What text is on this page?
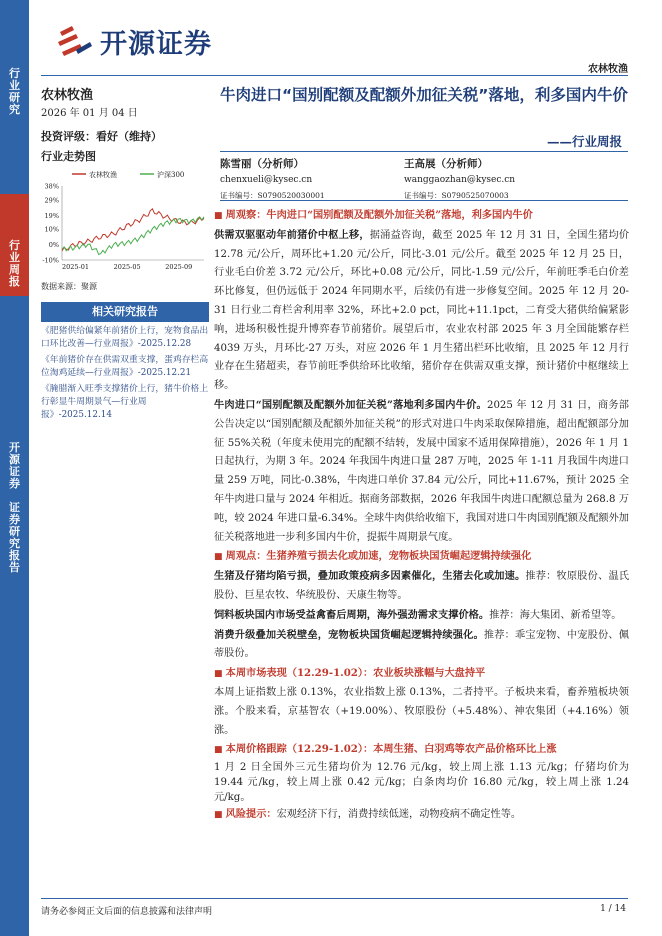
行
业
研
究
行
业
周
报
开
源
证
券

证
券
研
究
报
告
开源证券
农林牧渔
农林牧渔
2026 年 01 月 04 日
投资评级：看好（维持）
行业走势图
农林牧渔	沪深300
38%
29%
19%
10%
0%
-10%
2025-01	2025-05	2025-09
数据来源：聚源
相关研究报告
《肥猪供给偏紧年前猪价上行，宠物食品出口环比改善—行业周报》-2025.12.28
《年前猪价存在供需双重支撑，蛋鸡存栏高位淘鸡延续—行业周报》-2025.12.21
《腌腊渐入旺季支撑猪价上行，猪牛价格上行彰显牛周期景气—行业周报》-2025.12.14
牛肉进口“国别配额及配额外加征关税”落地，利多国内牛价
——行业周报
陈雪丽（分析师）
chenxueli@kysec.cn
证书编号：S0790520030001
王高展（分析师）
wanggaozhan@kysec.cn
证书编号：S0790525070003
■ 周观察：牛肉进口“国别配额及配额外加征关税”落地，利多国内牛价

供需双驱驱动年前猪价中枢上移，据涌益咨询，截至 2025 年 12 月 31 日，全国生猪均价 12.78 元/公斤，周环比+1.20 元/公斤，同比-3.01 元/公斤。截至 2025 年 12 月 25 日，行业毛白价差 3.72 元/公斤，环比+0.08 元/公斤，同比-1.59 元/公斤，年前旺季毛白价差环比修复，但仍远低于 2024 年同期水平，后续仍有进一步修复空间。2025 年 12 月 20-31 日行业二育栏舍利用率 32%，环比+2.0 pct，同比+11.1pct，二育受大猪供给偏紧影响，进场积极性提升博弈春节前猪价。展望后市，农业农村部 2025 年 3 月全国能繁存栏 4039 万头，月环比-27 万头，对应 2026 年 1 月生猪出栏环比收缩，且 2025 年 12 月行业存在生猪超卖，春节前旺季供给环比收缩，猪价存在供需双重支撑，预计猪价中枢继续上移。

牛肉进口“国别配额及配额外加征关税”落地利多国内牛价。2025 年 12 月 31 日，商务部公告决定以“国别配额及配额外加征关税”的形式对进口牛肉采取保障措施，超出配额部分加征 55%关税（年度未使用完的配额不结转，发展中国家不适用保障措施），2026 年 1 月 1 日起执行，为期 3 年。2024 年我国牛肉进口量 287 万吨，2025 年 1-11 月我国牛肉进口量 259 万吨，同比-0.38%，牛肉进口单价 37.84 元/公斤，同比+11.67%，预计 2025 全年牛肉进口量与 2024 年相近。据商务部数据，2026 年我国牛肉进口配额总量为 268.8 万吨，较 2024 年进口量-6.34%。全球牛肉供给收缩下，我国对进口牛肉国别配额及配额外加征关税落地进一步利多国内牛价，提振牛周期景气度。

■ 周观点：生猪养殖亏损去化或加速，宠物板块国货崛起逻辑持续强化

生猪及仔猪均陷亏损，叠加政策疫病多因素催化，生猪去化或加速。推荐：牧原股份、温氏股份、巨星农牧、华统股份、天康生物等。

饲料板块国内市场受益禽畜后周期，海外强劲需求支撑价格。推荐：海大集团、新希望等。

消费升级叠加关税壁垒，宠物板块国货崛起逻辑持续强化。推荐：乖宝宠物、中宠股份、佩蒂股份。

■ 本周市场表现（12.29-1.02）：农业板块涨幅与大盘持平

本周上证指数上涨 0.13%，农业指数上涨 0.13%，二者持平。子板块来看，畜养殖板块领涨。个股来看，京基智农（+19.00%）、牧原股份（+5.48%）、神农集团（+4.16%）领涨。

■ 本周价格跟踪（12.29-1.02）：本周生猪、白羽鸡等农产品价格环比上涨

1 月 2 日全国外三元生猪均价为 12.76 元/kg，较上周上涨 1.13 元/kg；仔猪均价为 19.44 元/kg，较上周上涨 0.42 元/kg；白条肉均价 16.80 元/kg，较上周上涨 1.24 元/kg。

■ 风险提示：宏观经济下行，消费持续低迷，动物疫病不确定性等。
请务必参阅正文后面的信息披露和法律声明	1 / 14
